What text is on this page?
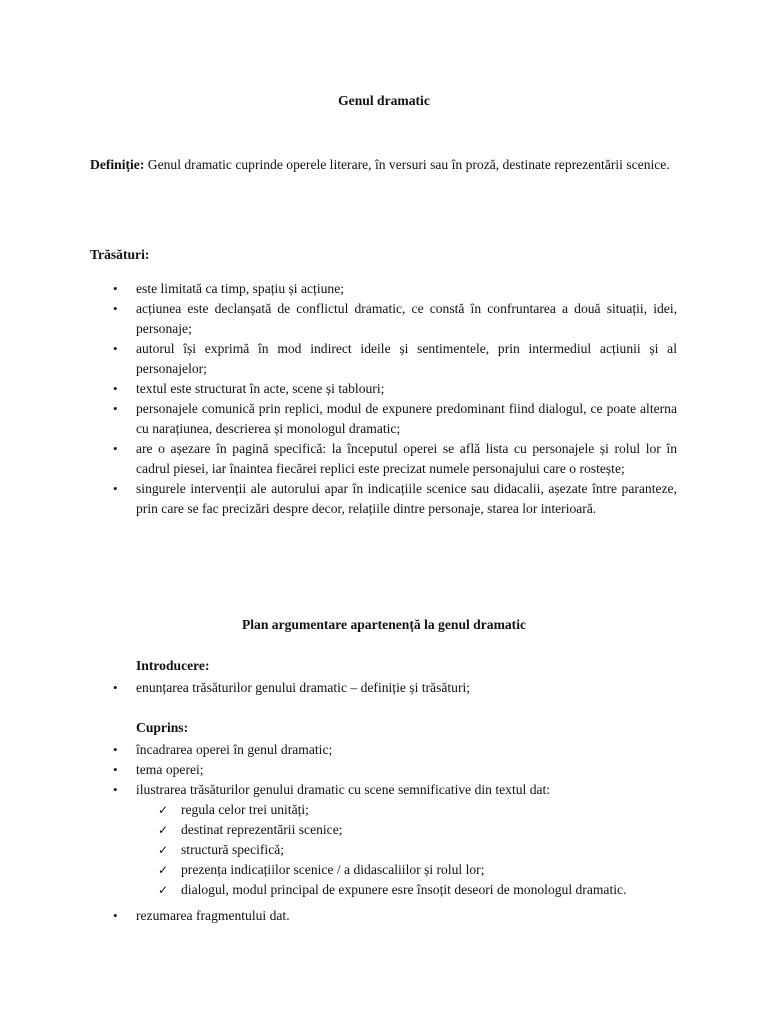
Genul dramatic

Definiție: Genul dramatic cuprinde operele literare, în versuri sau în proză, destinate reprezentării scenice.

Trăsături:

• este limitată ca timp, spațiu și acțiune;
• acțiunea este declanșată de conflictul dramatic, ce constă în confruntarea a două situații, idei, personaje;
• autorul își exprimă în mod indirect ideile și sentimentele, prin intermediul acțiunii și al personajelor;
• textul este structurat în acte, scene și tablouri;
• personajele comunică prin replici, modul de expunere predominant fiind dialogul, ce poate alterna cu narațiunea, descrierea și monologul dramatic;
• are o așezare în pagină specifică: la începutul operei se află lista cu personajele și rolul lor în cadrul piesei, iar înaintea fiecărei replici este precizat numele personajului care o rostește;
• singurele intervenții ale autorului apar în indicațiile scenice sau didacalii, așezate între paranteze, prin care se fac precizări despre decor, relațiile dintre personaje, starea lor interioară.
Plan argumentare apartenență la genul dramatic
Introducere:
• enunțarea trăsăturilor genului dramatic – definiție și trăsături;
Cuprins:
• încadrarea operei în genul dramatic;
• tema operei;
• ilustrarea trăsăturilor genului dramatic cu scene semnificative din textul dat:
✓ regula celor trei unități;
✓ destinat reprezentării scenice;
✓ structură specifică;
✓ prezența indicațiilor scenice / a didascaliilor și rolul lor;
✓ dialogul, modul principal de expunere esre însoțit deseori de monologul dramatic.
• rezumarea fragmentului dat.
